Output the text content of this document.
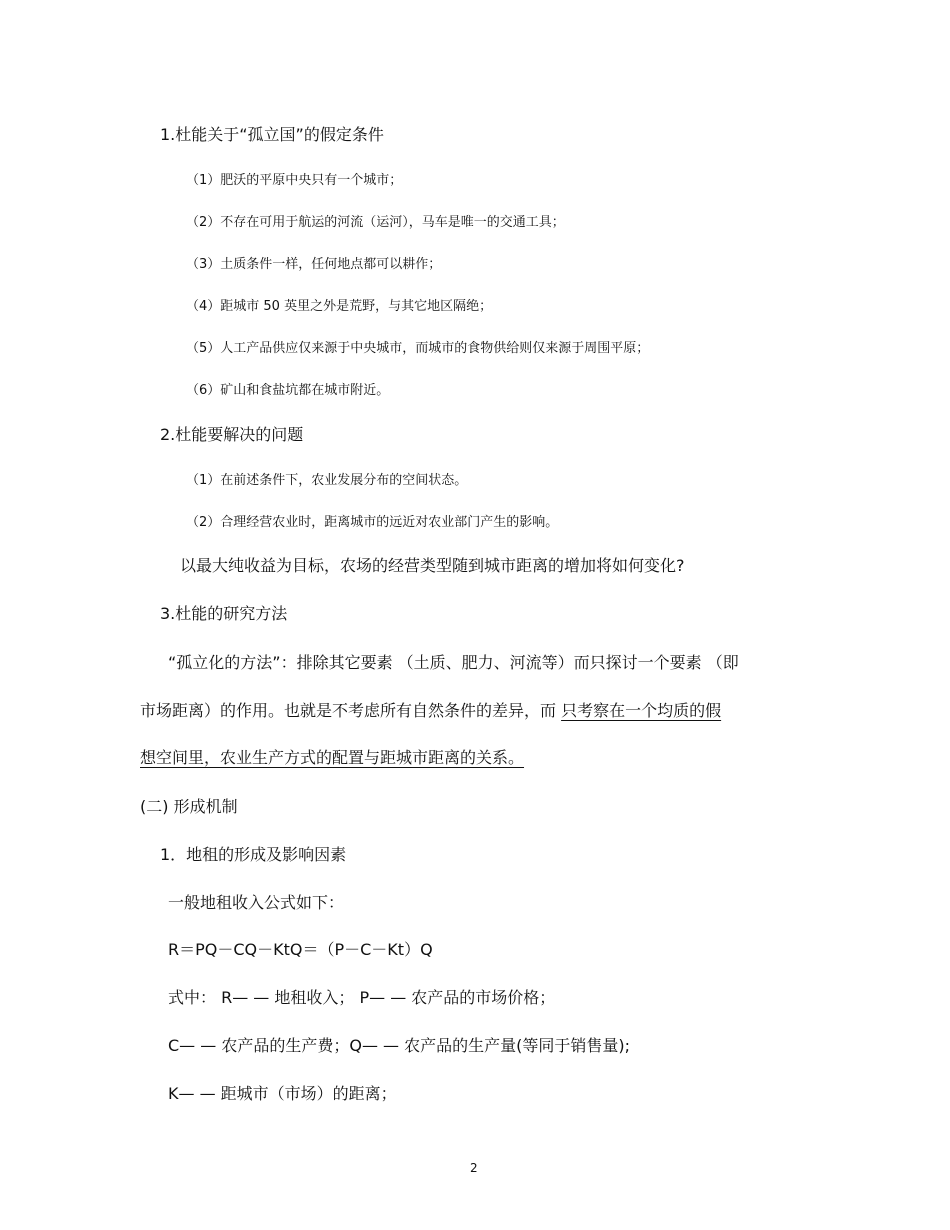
1.杜能关于“孤立国”的假定条件
（1）肥沃的平原中央只有一个城市；
（2）不存在可用于航运的河流（运河），马车是唯一的交通工具；
（3）土质条件一样，任何地点都可以耕作；
（4）距城市 50 英里之外是荒野，与其它地区隔绝；
（5）人工产品供应仅来源于中央城市，而城市的食物供给则仅来源于周围平原；
（6）矿山和食盐坑都在城市附近。
2.杜能要解决的问题
（1）在前述条件下，农业发展分布的空间状态。
（2）合理经营农业时，距离城市的远近对农业部门产生的影响。
以最大纯收益为目标，农场的经营类型随到城市距离的增加将如何变化?
3.杜能的研究方法
“孤立化的方法”：排除其它要素 （土质、肥力、河流等）而只探讨一个要素 （即
市场距离）的作用。也就是不考虑所有自然条件的差异，而 只考察在一个均质的假
想空间里，农业生产方式的配置与距城市距离的关系。
(二) 形成机制
1．地租的形成及影响因素
一般地租收入公式如下：
R＝PQ－CQ－KtQ＝（P－C－Kt）Q
式中： R— — 地租收入； P— — 农产品的市场价格；
C— — 农产品的生产费；Q— — 农产品的生产量(等同于销售量);
K— — 距城市（市场）的距离；
2
